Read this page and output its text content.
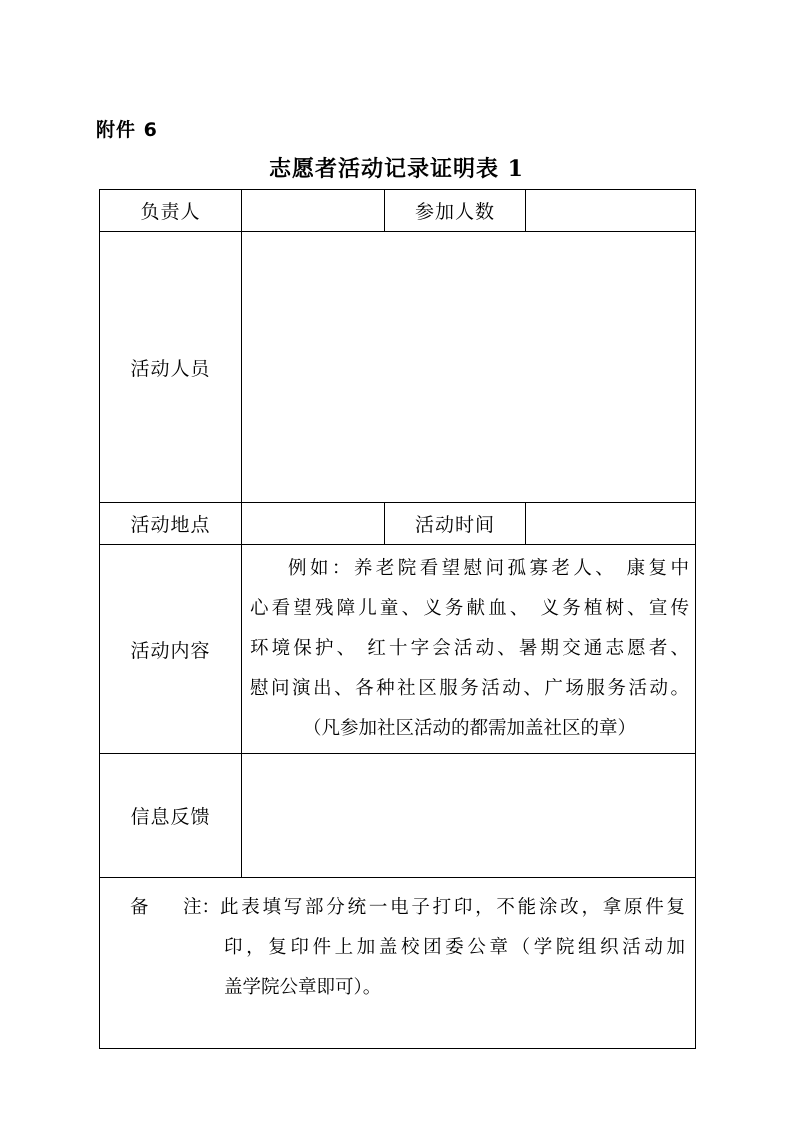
附件 6
志愿者活动记录证明表 1
负责人		参加人数	
活动人员			
活动地点		活动时间	
活动内容	例如：养老院看望慰问孤寡老人、 康复中
心看望残障儿童、义务献血、 义务植树、宣传
环境保护、 红十字会活动、暑期交通志愿者、
慰问演出、各种社区服务活动、广场服务活动。
（凡参加社区活动的都需加盖社区的章）		

信息反馈			

备 注： 此表填写部分统一电子打印，不能涂改，拿原件复
印，复印件上加盖校团委公章（学院组织活动加
盖学院公章即可）。			
